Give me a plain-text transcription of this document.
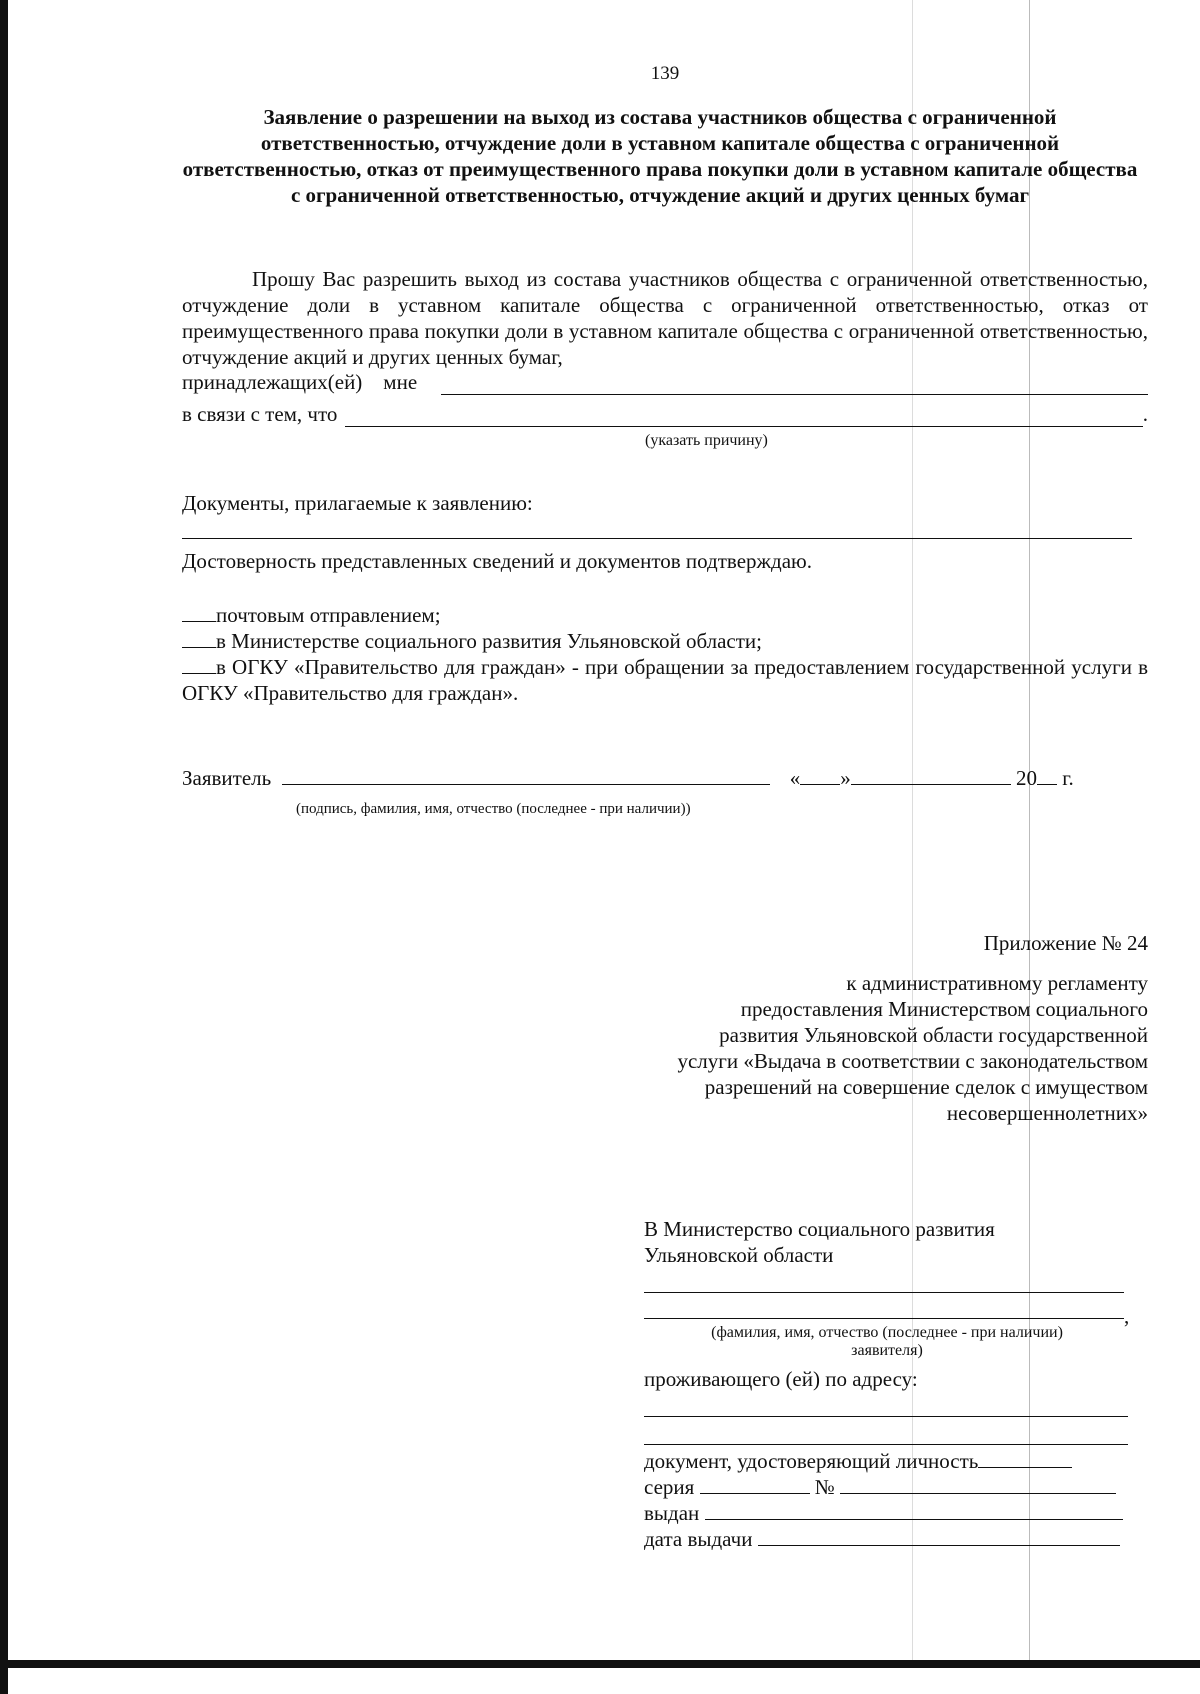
139
Заявление о разрешении на выход из состава участников общества с ограниченной ответственностью, отчуждение доли в уставном капитале общества с ограниченной ответственностью, отказ от преимущественного права покупки доли в уставном капитале общества с ограниченной ответственностью, отчуждение акций и других ценных бумаг
Прошу Вас разрешить выход из состава участников общества с ограниченной ответственностью, отчуждение доли в уставном капитале общества с ограниченной ответственностью, отказ от преимущественного права покупки доли в уставном капитале общества с ограниченной ответственностью, отчуждение акций и других ценных бумаг,
принадлежащих(ей)    мне
в связи с тем, что	.
(указать причину)
Документы, прилагаемые к заявлению:
Достоверность представленных сведений и документов подтверждаю.
почтовым отправлением;
в Министерстве социального развития Ульяновской области;
в ОГКУ «Правительство для граждан» - при обращении за предоставлением государственной услуги в ОГКУ «Правительство для граждан».
Заявитель	« »	20 г.
(подпись, фамилия, имя, отчество (последнее - при наличии))
Приложение № 24
к административному регламенту
предоставления Министерством социального
развития Ульяновской области государственной
услуги «Выдача в соответствии с законодательством
разрешений на совершение сделок с имуществом
несовершеннолетних»
В Министерство социального развития
Ульяновской области
,
(фамилия, имя, отчество (последнее - при наличии)
заявителя)
проживающего (ей) по адресу:
документ, удостоверяющий личность
серия	№
выдан
дата выдачи
